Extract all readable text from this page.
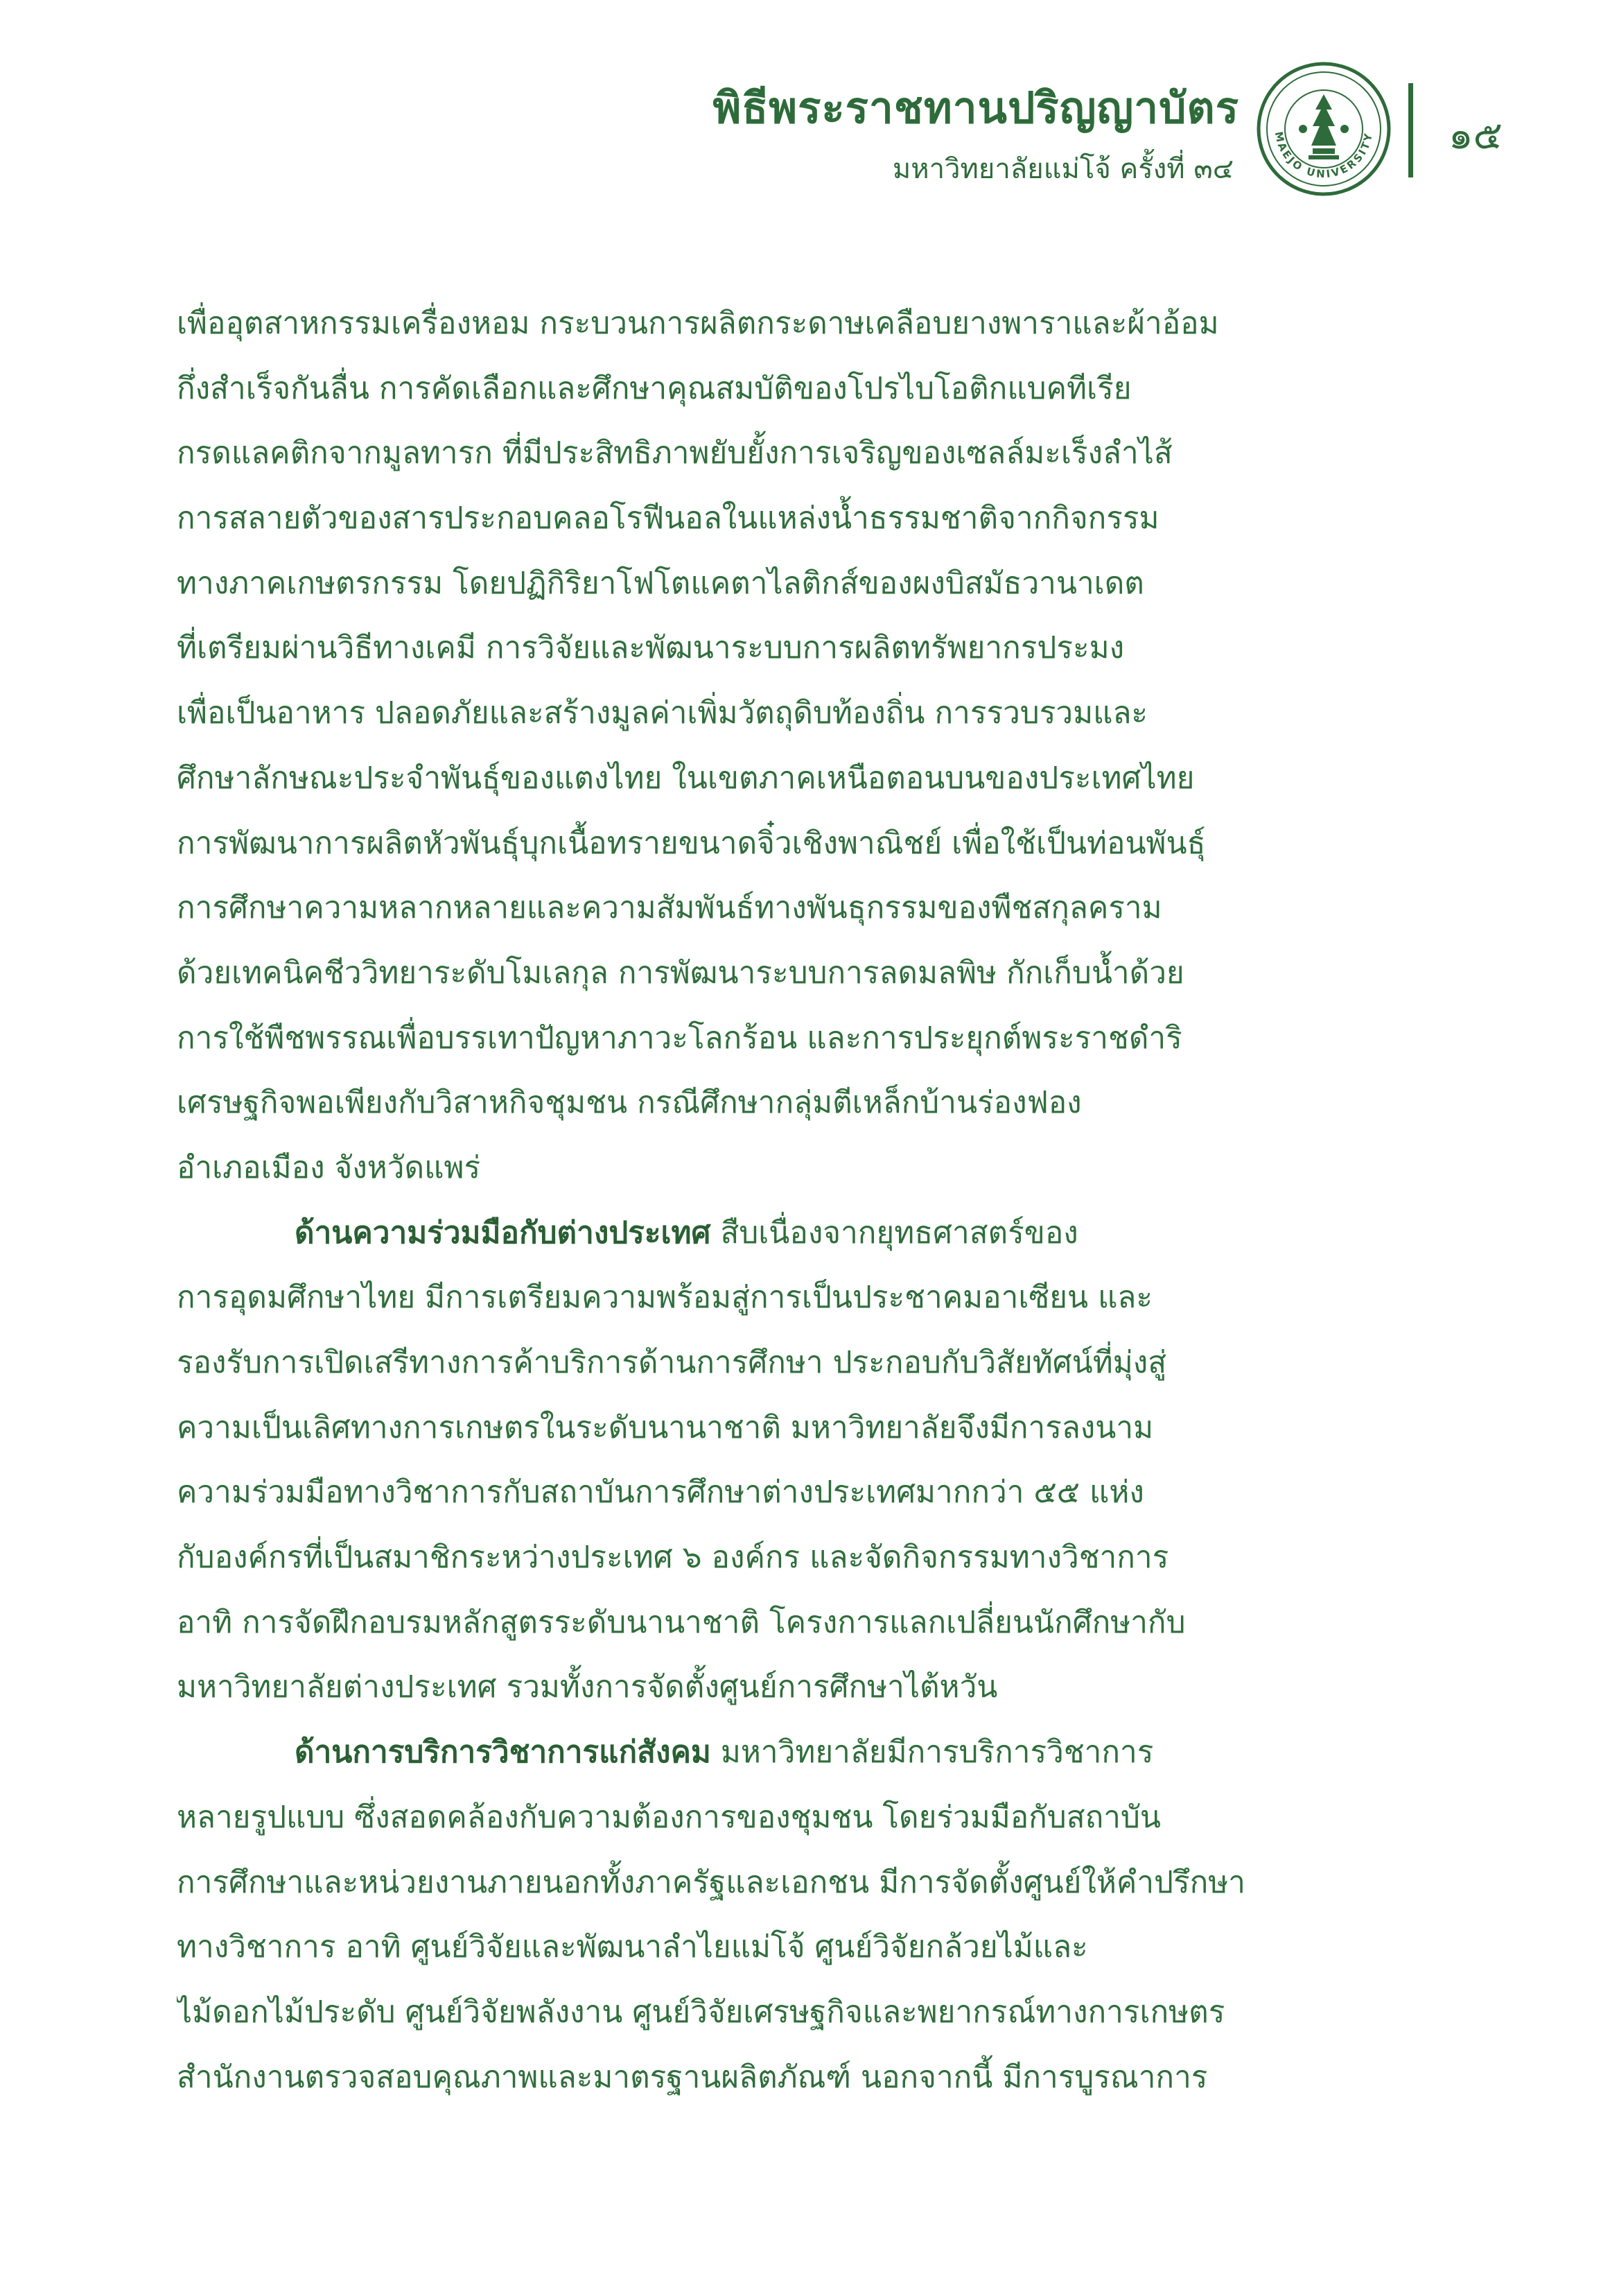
พิธีพระราชทานปริญญาบัตร
มหาวิทยาลัยแม่โจ้ ครั้งที่ ๓๔
MAEJO UNIVERSITY ๑๕
เพื่ออุตสาหกรรมเครื่องหอม กระบวนการผลิตกระดาษเคลือบยางพาราและผ้าอ้อม
กึ่งสำเร็จกันลื่น การคัดเลือกและศึกษาคุณสมบัติของโปรไบโอติกแบคทีเรีย
กรดแลคติกจากมูลทารก ที่มีประสิทธิภาพยับยั้งการเจริญของเซลล์มะเร็งลำไส้
การสลายตัวของสารประกอบคลอโรฟีนอลในแหล่งน้ำธรรมชาติจากกิจกรรม
ทางภาคเกษตรกรรม โดยปฏิกิริยาโฟโตแคตาไลติกส์ของผงบิสมัธวานาเดต
ที่เตรียมผ่านวิธีทางเคมี การวิจัยและพัฒนาระบบการผลิตทรัพยากรประมง
เพื่อเป็นอาหาร ปลอดภัยและสร้างมูลค่าเพิ่มวัตถุดิบท้องถิ่น การรวบรวมและ
ศึกษาลักษณะประจำพันธุ์ของแตงไทย ในเขตภาคเหนือตอนบนของประเทศไทย
การพัฒนาการผลิตหัวพันธุ์บุกเนื้อทรายขนาดจิ๋วเชิงพาณิชย์ เพื่อใช้เป็นท่อนพันธุ์
การศึกษาความหลากหลายและความสัมพันธ์ทางพันธุกรรมของพืชสกุลคราม
ด้วยเทคนิคชีววิทยาระดับโมเลกุล การพัฒนาระบบการลดมลพิษ กักเก็บน้ำด้วย
การใช้พืชพรรณเพื่อบรรเทาปัญหาภาวะโลกร้อน และการประยุกต์พระราชดำริ
เศรษฐกิจพอเพียงกับวิสาหกิจชุมชน กรณีศึกษากลุ่มตีเหล็กบ้านร่องฟอง
อำเภอเมือง จังหวัดแพร่
ด้านความร่วมมือกับต่างประเทศ สืบเนื่องจากยุทธศาสตร์ของ
การอุดมศึกษาไทย มีการเตรียมความพร้อมสู่การเป็นประชาคมอาเซียน และ
รองรับการเปิดเสรีทางการค้าบริการด้านการศึกษา ประกอบกับวิสัยทัศน์ที่มุ่งสู่
ความเป็นเลิศทางการเกษตรในระดับนานาชาติ มหาวิทยาลัยจึงมีการลงนาม
ความร่วมมือทางวิชาการกับสถาบันการศึกษาต่างประเทศมากกว่า ๕๕ แห่ง
กับองค์กรที่เป็นสมาชิกระหว่างประเทศ ๖ องค์กร และจัดกิจกรรมทางวิชาการ
อาทิ การจัดฝึกอบรมหลักสูตรระดับนานาชาติ โครงการแลกเปลี่ยนนักศึกษากับ
มหาวิทยาลัยต่างประเทศ รวมทั้งการจัดตั้งศูนย์การศึกษาไต้หวัน
ด้านการบริการวิชาการแก่สังคม มหาวิทยาลัยมีการบริการวิชาการ
หลายรูปแบบ ซึ่งสอดคล้องกับความต้องการของชุมชน โดยร่วมมือกับสถาบัน
การศึกษาและหน่วยงานภายนอกทั้งภาครัฐและเอกชน มีการจัดตั้งศูนย์ให้คำปรึกษา
ทางวิชาการ อาทิ ศูนย์วิจัยและพัฒนาลำไยแม่โจ้ ศูนย์วิจัยกล้วยไม้และ
ไม้ดอกไม้ประดับ ศูนย์วิจัยพลังงาน ศูนย์วิจัยเศรษฐกิจและพยากรณ์ทางการเกษตร
สำนักงานตรวจสอบคุณภาพและมาตรฐานผลิตภัณฑ์ นอกจากนี้ มีการบูรณาการ
